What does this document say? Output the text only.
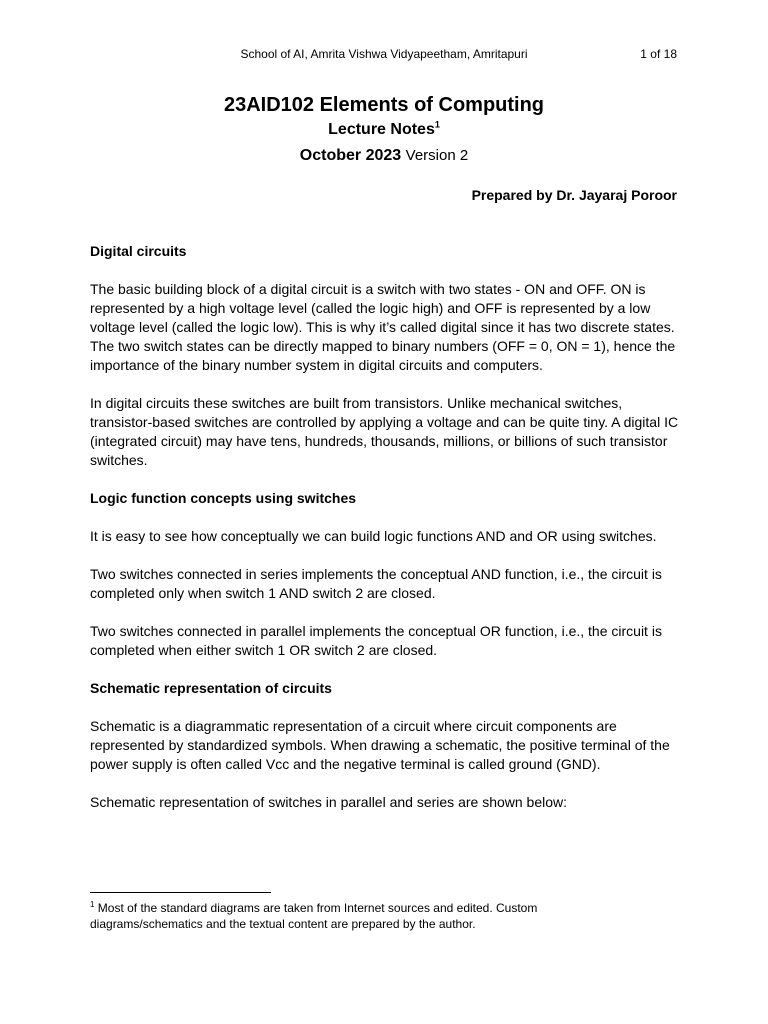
School of AI, Amrita Vishwa Vidyapeetham, Amritapuri	1 of 18
23AID102 Elements of Computing
Lecture Notes$^1$
October 2023 Version 2
Prepared by Dr. Jayaraj Poroor
Digital circuits

The basic building block of a digital circuit is a switch with two states - ON and OFF. ON is represented by a high voltage level (called the logic high) and OFF is represented by a low voltage level (called the logic low). This is why it’s called digital since it has two discrete states. The two switch states can be directly mapped to binary numbers (OFF = 0, ON = 1), hence the importance of the binary number system in digital circuits and computers.

In digital circuits these switches are built from transistors. Unlike mechanical switches, transistor-based switches are controlled by applying a voltage and can be quite tiny. A digital IC (integrated circuit) may have tens, hundreds, thousands, millions, or billions of such transistor switches.

Logic function concepts using switches

It is easy to see how conceptually we can build logic functions AND and OR using switches.

Two switches connected in series implements the conceptual AND function, i.e., the circuit is completed only when switch 1 AND switch 2 are closed.

Two switches connected in parallel implements the conceptual OR function, i.e., the circuit is completed when either switch 1 OR switch 2 are closed.

Schematic representation of circuits

Schematic is a diagrammatic representation of a circuit where circuit components are represented by standardized symbols. When drawing a schematic, the positive terminal of the power supply is often called Vcc and the negative terminal is called ground (GND).

Schematic representation of switches in parallel and series are shown below:

$^1$ Most of the standard diagrams are taken from Internet sources and edited. Custom diagrams/schematics and the textual content are prepared by the author.
